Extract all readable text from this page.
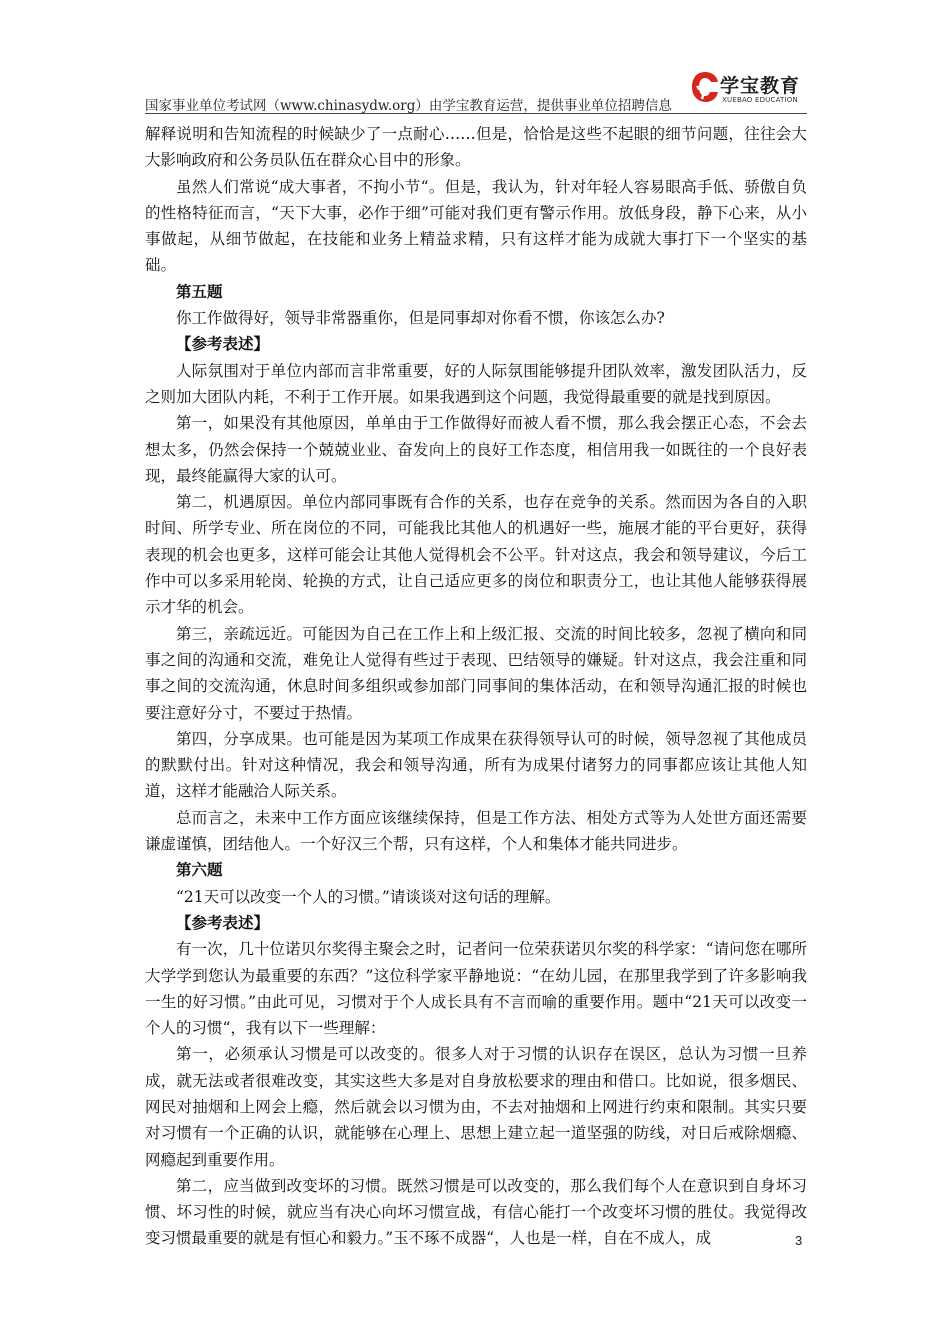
国家事业单位考试网（www.chinasydw.org）由学宝教育运营，提供事业单位招聘信息
学宝教育
XUEBAO EDUCATION

解释说明和告知流程的时候缺少了一点耐心……但是，恰恰是这些不起眼的细节问题，往往会大大影响政府和公务员队伍在群众心目中的形象。

虽然人们常说“成大事者，不拘小节“。但是，我认为，针对年轻人容易眼高手低、骄傲自负的性格特征而言，“天下大事，必作于细”可能对我们更有警示作用。放低身段，静下心来，从小事做起，从细节做起，在技能和业务上精益求精，只有这样才能为成就大事打下一个坚实的基础。

第五题

你工作做得好，领导非常器重你，但是同事却对你看不惯，你该怎么办?

【参考表述】

人际氛围对于单位内部而言非常重要，好的人际氛围能够提升团队效率，激发团队活力，反之则加大团队内耗，不利于工作开展。如果我遇到这个问题，我觉得最重要的就是找到原因。

第一，如果没有其他原因，单单由于工作做得好而被人看不惯，那么我会摆正心态，不会去想太多，仍然会保持一个兢兢业业、奋发向上的良好工作态度，相信用我一如既往的一个良好表现，最终能赢得大家的认可。

第二，机遇原因。单位内部同事既有合作的关系，也存在竞争的关系。然而因为各自的入职时间、所学专业、所在岗位的不同，可能我比其他人的机遇好一些，施展才能的平台更好，获得表现的机会也更多，这样可能会让其他人觉得机会不公平。针对这点，我会和领导建议，今后工作中可以多采用轮岗、轮换的方式，让自己适应更多的岗位和职责分工，也让其他人能够获得展示才华的机会。

第三，亲疏远近。可能因为自己在工作上和上级汇报、交流的时间比较多，忽视了横向和同事之间的沟通和交流，难免让人觉得有些过于表现、巴结领导的嫌疑。针对这点，我会注重和同事之间的交流沟通，休息时间多组织或参加部门同事间的集体活动，在和领导沟通汇报的时候也要注意好分寸，不要过于热情。

第四，分享成果。也可能是因为某项工作成果在获得领导认可的时候，领导忽视了其他成员的默默付出。针对这种情况，我会和领导沟通，所有为成果付诸努力的同事都应该让其他人知道，这样才能融洽人际关系。

总而言之，未来中工作方面应该继续保持，但是工作方法、相处方式等为人处世方面还需要谦虚谨慎，团结他人。一个好汉三个帮，只有这样，个人和集体才能共同进步。

第六题

“21天可以改变一个人的习惯。”请谈谈对这句话的理解。

【参考表述】

有一次，几十位诺贝尔奖得主聚会之时，记者问一位荣获诺贝尔奖的科学家：“请问您在哪所大学学到您认为最重要的东西？”这位科学家平静地说：“在幼儿园，在那里我学到了许多影响我一生的好习惯。”由此可见，习惯对于个人成长具有不言而喻的重要作用。题中“21天可以改变一个人的习惯“，我有以下一些理解：

第一，必须承认习惯是可以改变的。很多人对于习惯的认识存在误区，总认为习惯一旦养成，就无法或者很难改变，其实这些大多是对自身放松要求的理由和借口。比如说，很多烟民、网民对抽烟和上网会上瘾，然后就会以习惯为由，不去对抽烟和上网进行约束和限制。其实只要对习惯有一个正确的认识，就能够在心理上、思想上建立起一道坚强的防线，对日后戒除烟瘾、网瘾起到重要作用。

第二，应当做到改变坏的习惯。既然习惯是可以改变的，那么我们每个人在意识到自身坏习惯、坏习性的时候，就应当有决心向坏习惯宣战，有信心能打一个改变坏习惯的胜仗。我觉得改变习惯最重要的就是有恒心和毅力。”玉不琢不成器“，人也是一样，自在不成人，成	3
